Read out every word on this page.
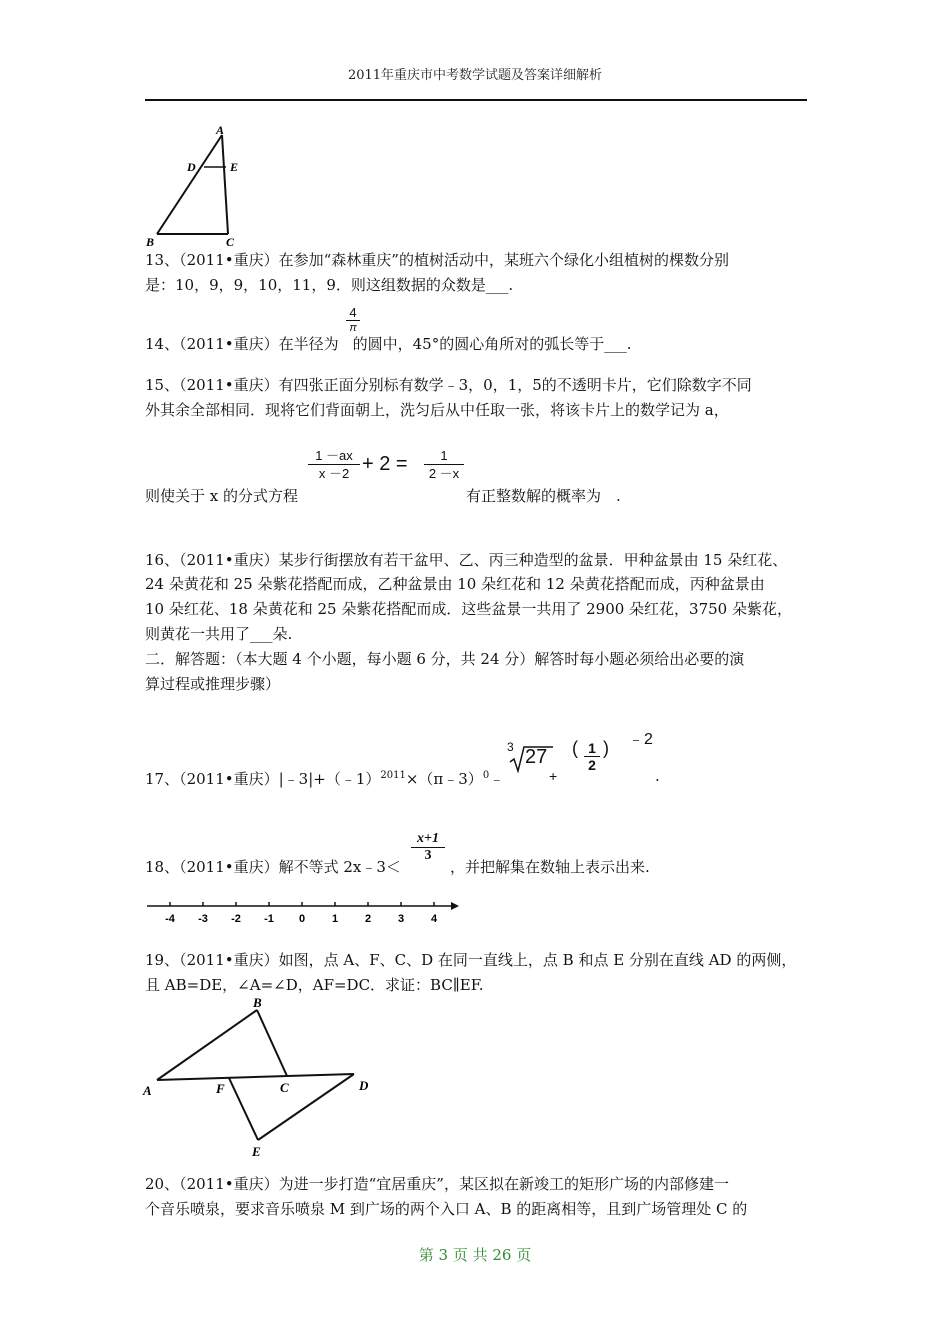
2011年重庆市中考数学试题及答案详细解析
A
D	E
B	C
13、（2011•重庆）在参加“森林重庆”的植树活动中，某班六个绿化小组植树的棵数分别
是：10，9，9，10，11，9．则这组数据的众数是___.
14、（2011•重庆）在半径为 的圆中，45°的圆心角所对的弧长等于___.
4
π
15、（2011•重庆）有四张正面分别标有数学﹣3，0，1，5的不透明卡片，它们除数字不同
外其余全部相同．现将它们背面朝上，洗匀后从中任取一张，将该卡片上的数学记为 a，
则使关于 x 的分式方程	有正整数解的概率为　.
$\frac{1 -ax}{x -2} + 2 = \frac{1}{2 -x}$
16、（2011•重庆）某步行街摆放有若干盆甲、乙、丙三种造型的盆景．甲种盆景由 15 朵红花、
24 朵黄花和 25 朵紫花搭配而成，乙种盆景由 10 朵红花和 12 朵黄花搭配而成，丙种盆景由
10 朵红花、18 朵黄花和 25 朵紫花搭配而成．这些盆景一共用了 2900 朵红花，3750 朵紫花，
则黄花一共用了___朵.
二．解答题：（本大题 4 个小题，每小题 6 分，共 24 分）解答时每小题必须给出必要的演
算过程或推理步骤）
17、（2011•重庆）|﹣3|+（﹣1）$^{2011}$×（π﹣3）$^0$﹣
3 27
+
( $\frac{1}{2}$ ) ﹣2
.
18、（2011•重庆）解不等式 2x﹣3＜
$\frac{x+1}{3}$
，并把解集在数轴上表示出来.
-4 -3 -2 -1 0 1 2 3 4
19、（2011•重庆）如图，点 A、F、C、D 在同一直线上，点 B 和点 E 分别在直线 AD 的两侧，
且 AB=DE，∠A=∠D，AF=DC．求证：BC∥EF.
A	F	C	D
B
E
20、（2011•重庆）为进一步打造“宜居重庆”，某区拟在新竣工的矩形广场的内部修建一
个音乐喷泉，要求音乐喷泉 M 到广场的两个入口 A、B 的距离相等，且到广场管理处 C 的
第 3 页 共 26 页
